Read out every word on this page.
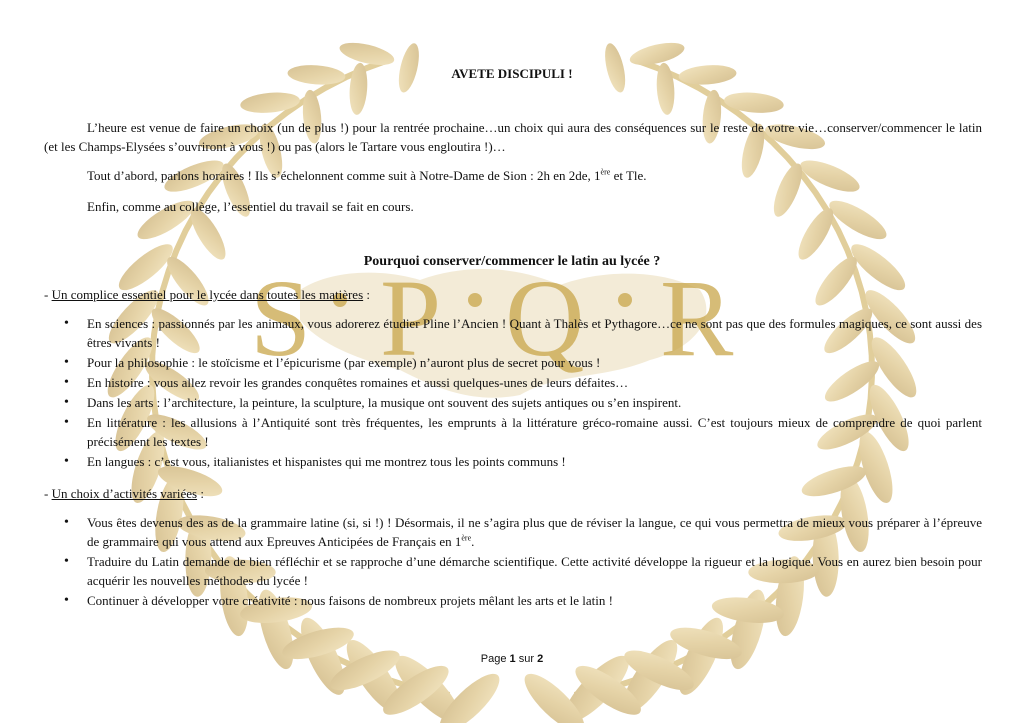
S P Q R

AVETE DISCIPULI !

L’heure est venue de faire un choix (un de plus !) pour la rentrée prochaine…un choix qui aura des conséquences sur le reste de votre vie…conserver/commencer le latin (et les Champs-Elysées s’ouvriront à vous !) ou pas (alors le Tartare vous engloutira !)…

Tout d’abord, parlons horaires ! Ils s’échelonnent comme suit à Notre-Dame de Sion : 2h en 2de, 1ère et Tle.

Enfin, comme au collège, l’essentiel du travail se fait en cours.

Pourquoi conserver/commencer le latin au lycée ?

- Un complice essentiel pour le lycée dans toutes les matières :

• En sciences : passionnés par les animaux, vous adorerez étudier Pline l’Ancien ! Quant à Thalès et Pythagore…ce ne sont pas que des formules magiques, ce sont aussi des êtres vivants !
• Pour la philosophie : le stoïcisme et l’épicurisme (par exemple) n’auront plus de secret pour vous !
• En histoire : vous allez revoir les grandes conquêtes romaines et aussi quelques-unes de leurs défaites…
• Dans les arts : l’architecture, la peinture, la sculpture, la musique ont souvent des sujets antiques ou s’en inspirent.
• En littérature : les allusions à l’Antiquité sont très fréquentes, les emprunts à la littérature gréco-romaine aussi. C’est toujours mieux de comprendre de quoi parlent précisément les textes !
• En langues : c’est vous, italianistes et hispanistes qui me montrez tous les points communs !

- Un choix d’activités variées :

• Vous êtes devenus des as de la grammaire latine (si, si !) ! Désormais, il ne s’agira plus que de réviser la langue, ce qui vous permettra de mieux vous préparer à l’épreuve de grammaire qui vous attend aux Epreuves Anticipées de Français en 1ère.
• Traduire du Latin demande de bien réfléchir et se rapproche d’une démarche scientifique. Cette activité développe la rigueur et la logique. Vous en aurez bien besoin pour acquérir les nouvelles méthodes du lycée !
• Continuer à développer votre créativité : nous faisons de nombreux projets mêlant les arts et le latin !

Page 1 sur 2
